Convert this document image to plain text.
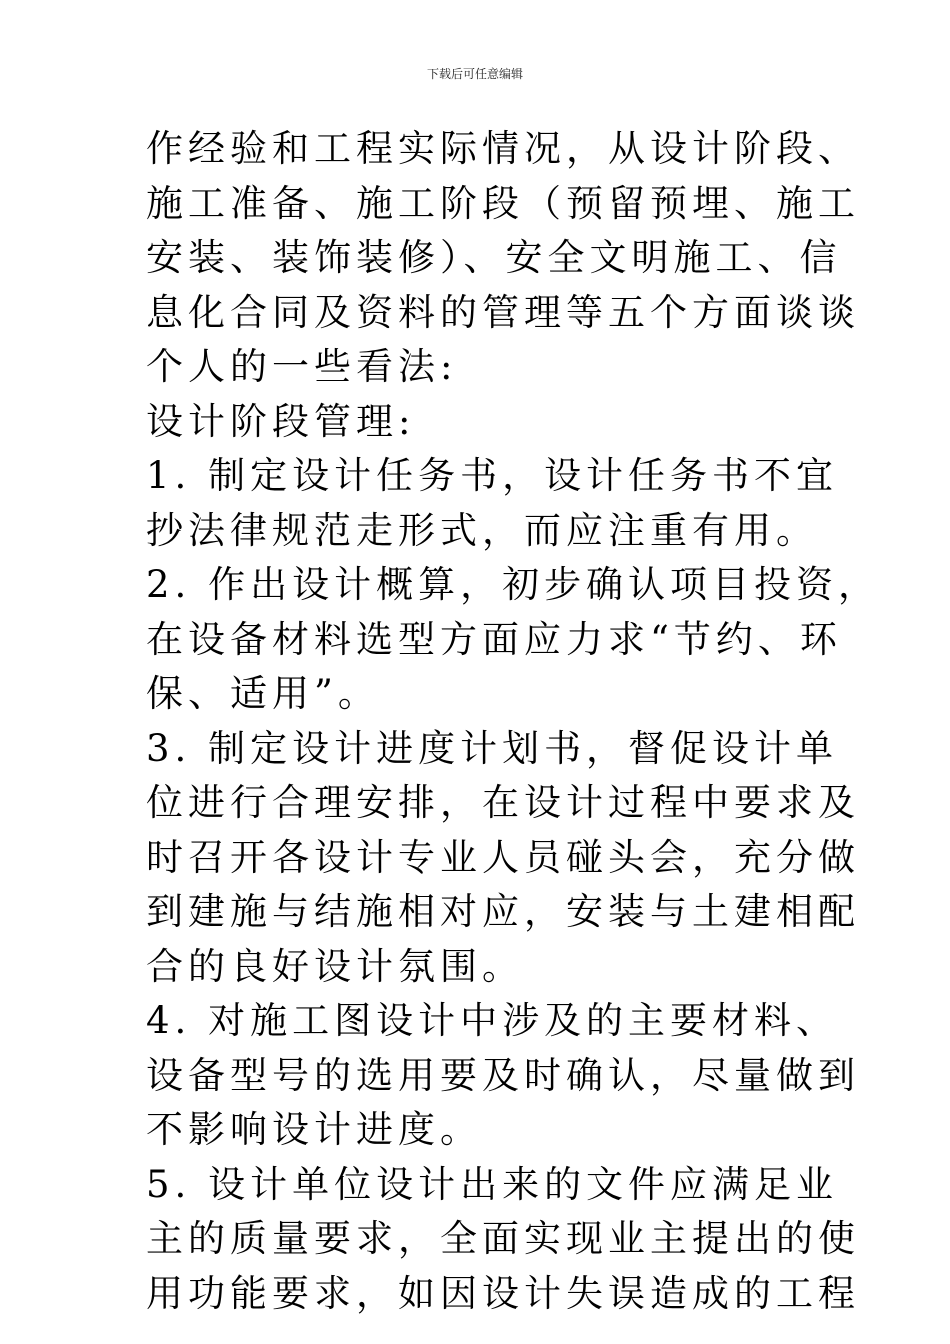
下载后可任意编辑
作经验和工程实际情况，从设计阶段、
施工准备、施工阶段（预留预埋、施工
安装、装饰装修）、安全文明施工、信
息化合同及资料的管理等五个方面谈谈
个人的一些看法:
设计阶段管理:
1. 制定设计任务书，设计任务书不宜
抄法律规范走形式，而应注重有用。
2. 作出设计概算，初步确认项目投资，
在设备材料选型方面应力求“节约、环
保、适用”。
3. 制定设计进度计划书，督促设计单
位进行合理安排，在设计过程中要求及
时召开各设计专业人员碰头会，充分做
到建施与结施相对应，安装与土建相配
合的良好设计氛围。
4. 对施工图设计中涉及的主要材料、
设备型号的选用要及时确认，尽量做到
不影响设计进度。
5. 设计单位设计出来的文件应满足业
主的质量要求，全面实现业主提出的使
用功能要求，如因设计失误造成的工程
